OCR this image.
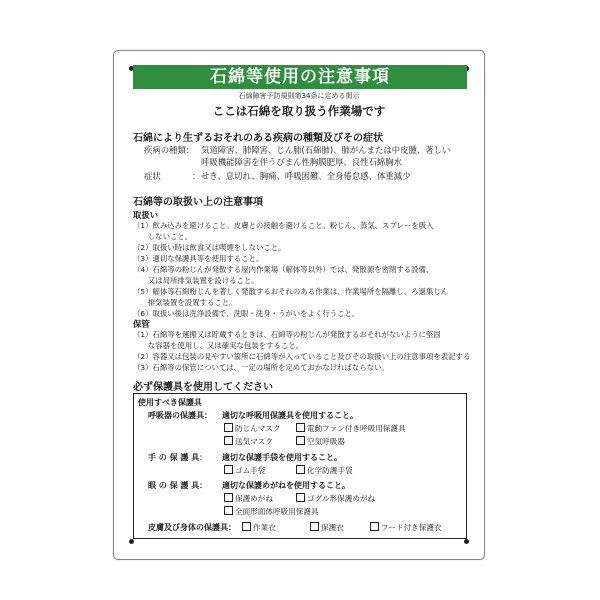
石綿等使用の注意事項
石綿障害予防規則第34条に定める掲示
ここは石綿を取り扱う作業場です
石綿により生ずるおそれのある疾病の種類及びその症状
疾病の種類： 気道障害、肺障害、じん肺(石綿肺)、肺がんまたは中皮腫、著しい
呼吸機能障害を伴うびまん性胸膜肥厚、良性石綿胸水
症状	： せき、息切れ、胸痛、呼吸困難、全身倦怠感、体重減少
石綿等の取扱い上の注意事項
取扱い
（1）飲み込みを避けること。皮膚との接触を避けること。粉じん、蒸気、スプレーを吸入
　　しないこと。
（2）取扱い時は飲食又は喫煙をしないこと。
（3）適切な保護具等を使用すること。
（4）石綿等の粉じんが発散する屋内作業場（解体等以外）では、発散源を密閉する設備、
　　又は局所排気装置を設けること。
（5）解体等石綿粉じんを著しく発散するおそれのある作業は、作業場所を隔離し、ろ過集じん
　　排気装置を設置すること。
（6）取扱い後は洗浄設備で、洗眼・洗身・うがいをよく行うこと。
保管
（1）石綿等を運搬又は貯蔵するときは、石綿等の粉じんが発散するおそれがないように堅固
　　な容器を使用し、又は確実な包装をすること。
（2）容器又は包装の見やすい箇所に石綿等が入っていること及びその取扱い上の注意事項を表記する
（3）石綿等の保管については、一定の場所を定めておかなければならない。
必ず保護具を使用してください
使用すべき保護具
呼吸器の保護具： 適切な呼吸用保護具を使用すること。
防じんマスク	電動ファン付き呼吸用保護具
送気マスク	空気呼吸器
手 の 保 護 具： 適切な保護手袋を使用すること。
ゴム手袋	化学防護手袋
眼 の 保 護 具： 適切な保護めがねを使用すること。
保護めがね	ゴグル形保護めがね
全面形面体呼吸用保護具
皮膚及び身体の保護具：	作業衣	保護衣	フード付き保護衣
